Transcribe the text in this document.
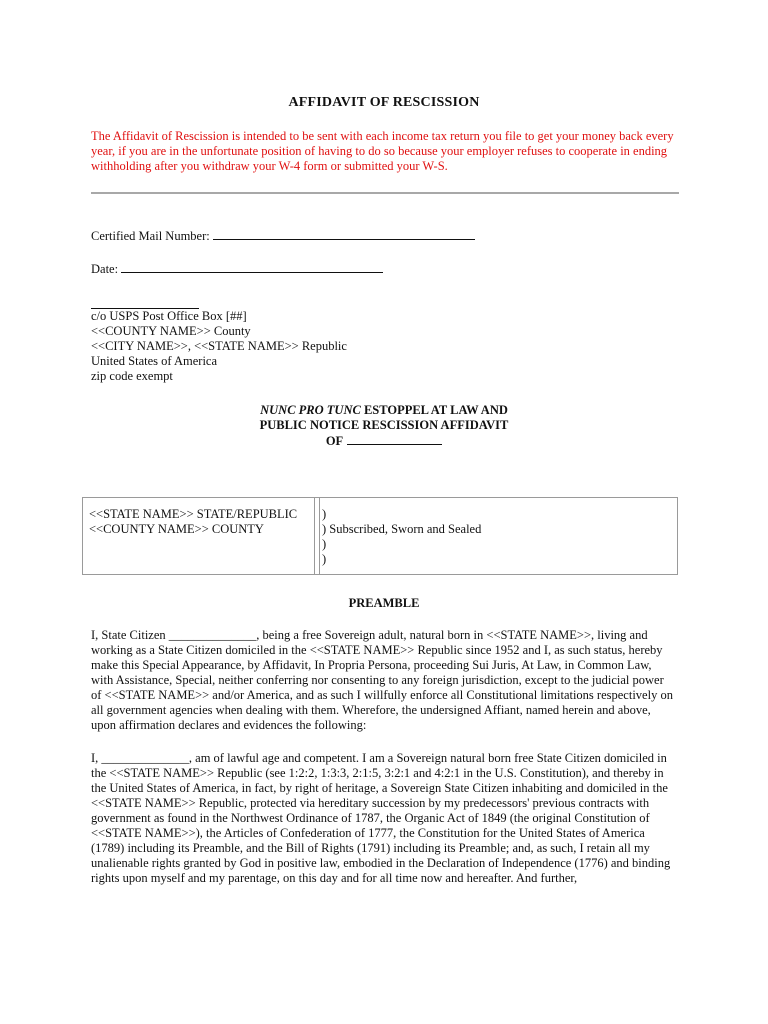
AFFIDAVIT OF RESCISSION
The Affidavit of Rescission is intended to be sent with each income tax return you file to get your money back every
year, if you are in the unfortunate position of having to do so because your employer refuses to cooperate in ending
withholding after you withdraw your W-4 form or submitted your W-S.
Certified Mail Number:
Date:
c/o USPS Post Office Box [##]
<<COUNTY NAME>> County
<<CITY NAME>>, <<STATE NAME>> Republic
United States of America
zip code exempt
NUNC PRO TUNC ESTOPPEL AT LAW AND
PUBLIC NOTICE RESCISSION AFFIDAVIT
OF
<<STATE NAME>> STATE/REPUBLIC
<<COUNTY NAME>> COUNTY
)
) Subscribed, Sworn and Sealed
)
)
PREAMBLE
I, State Citizen ______________, being a free Sovereign adult, natural born in <<STATE NAME>>, living and
working as a State Citizen domiciled in the <<STATE NAME>> Republic since 1952 and I, as such status, hereby
make this Special Appearance, by Affidavit, In Propria Persona, proceeding Sui Juris, At Law, in Common Law,
with Assistance, Special, neither conferring nor consenting to any foreign jurisdiction, except to the judicial power
of <<STATE NAME>> and/or America, and as such I willfully enforce all Constitutional limitations respectively on
all government agencies when dealing with them. Wherefore, the undersigned Affiant, named herein and above,
upon affirmation declares and evidences the following:
I, ______________, am of lawful age and competent. I am a Sovereign natural born free State Citizen domiciled in
the <<STATE NAME>> Republic (see 1:2:2, 1:3:3, 2:1:5, 3:2:1 and 4:2:1 in the U.S. Constitution), and thereby in
the United States of America, in fact, by right of heritage, a Sovereign State Citizen inhabiting and domiciled in the
<<STATE NAME>> Republic, protected via hereditary succession by my predecessors' previous contracts with
government as found in the Northwest Ordinance of 1787, the Organic Act of 1849 (the original Constitution of
<<STATE NAME>>), the Articles of Confederation of 1777, the Constitution for the United States of America
(1789) including its Preamble, and the Bill of Rights (1791) including its Preamble; and, as such, I retain all my
unalienable rights granted by God in positive law, embodied in the Declaration of Independence (1776) and binding
rights upon myself and my parentage, on this day and for all time now and hereafter. And further,
